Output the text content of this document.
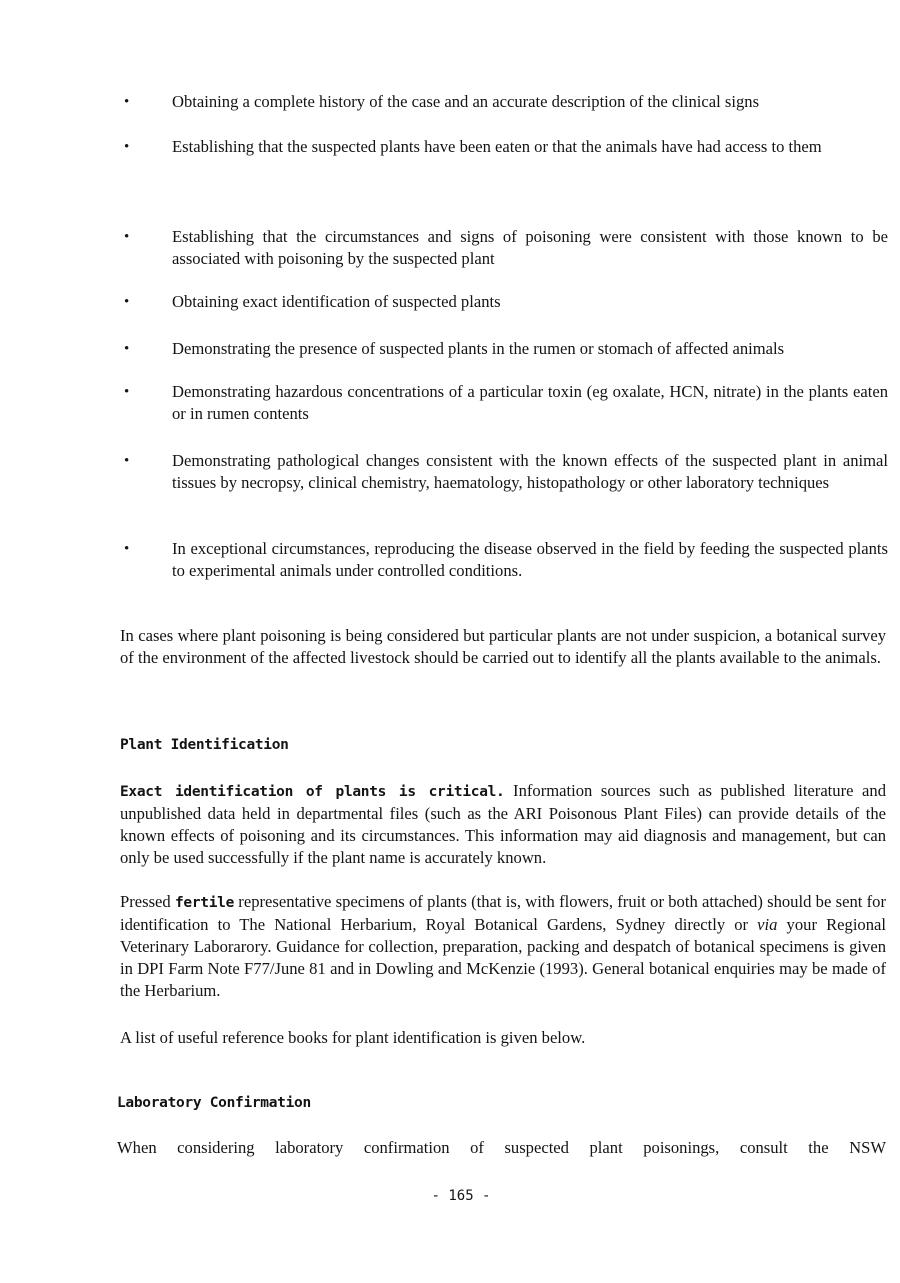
•	Obtaining a complete history of the case and an accurate description of the clinical signs
•	Establishing that the suspected plants have been eaten or that the animals have had access to them
•	Establishing that the circumstances and signs of poisoning were consistent with those known to be associated with poisoning by the suspected plant
•	Obtaining exact identification of suspected plants
•	Demonstrating the presence of suspected plants in the rumen or stomach of affected animals
•	Demonstrating hazardous concentrations of a particular toxin (eg oxalate, HCN, nitrate) in the plants eaten or in rumen contents
•	Demonstrating pathological changes consistent with the known effects of the suspected plant in animal tissues by necropsy, clinical chemistry, haematology, histopathology or other laboratory techniques
•	In exceptional circumstances, reproducing the disease observed in the field by feeding the suspected plants to experimental animals under controlled conditions.

In cases where plant poisoning is being considered but particular plants are not under suspicion, a botanical survey of the environment of the affected livestock should be carried out to identify all the plants available to the animals.

Plant Identification

Exact identification of plants is critical. Information sources such as published literature and unpublished data held in departmental files (such as the ARI Poisonous Plant Files) can provide details of the known effects of poisoning and its circumstances. This information may aid diagnosis and management, but can only be used successfully if the plant name is accurately known.

Pressed fertile representative specimens of plants (that is, with flowers, fruit or both attached) should be sent for identification to The National Herbarium, Royal Botanical Gardens, Sydney directly or via your Regional Veterinary Laborarory. Guidance for collection, preparation, packing and despatch of botanical specimens is given in DPI Farm Note F77/June 81 and in Dowling and McKenzie (1993). General botanical enquiries may be made of the Herbarium.

A list of useful reference books for plant identification is given below.

Laboratory Confirmation

When considering laboratory confirmation of suspected plant poisonings, consult the NSW

- 165 -
